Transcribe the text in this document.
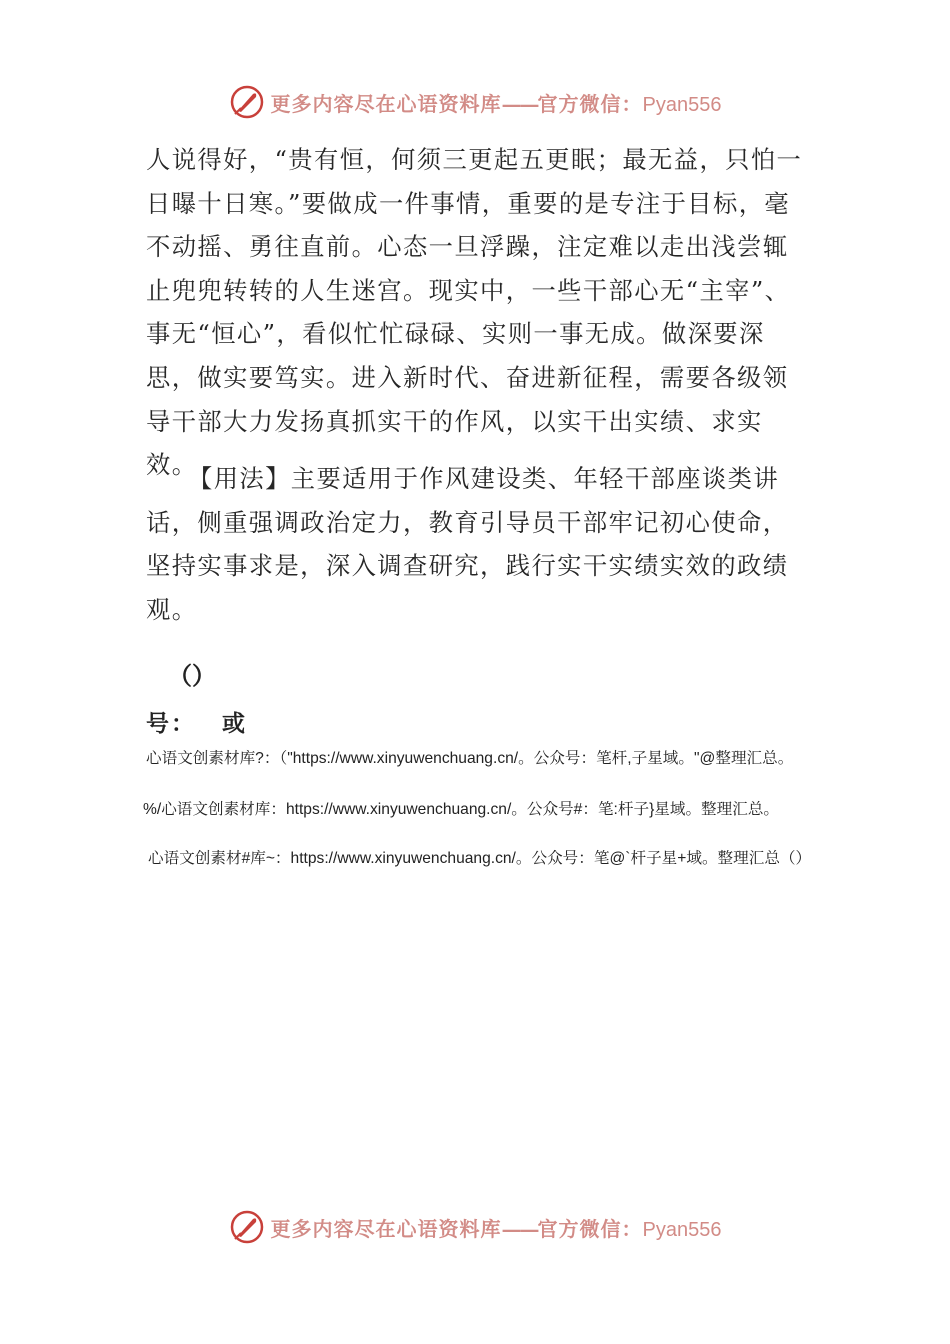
更多内容尽在心语资料库——官方微信：Pyan556

人说得好，“贵有恒，何须三更起五更眠；最无益，只怕一日曝十日寒。”要做成一件事情，重要的是专注于目标，毫不动摇、勇往直前。心态一旦浮躁，注定难以走出浅尝辄止兜兜转转的人生迷宫。现实中，一些干部心无“主宰”、事无“恒心”，看似忙忙碌碌、实则一事无成。做深要深思，做实要笃实。进入新时代、奋进新征程，需要各级领导干部大力发扬真抓实干的作风，以实干出实绩、求实效。

【用法】主要适用于作风建设类、年轻干部座谈类讲话，侧重强调政治定力，教育引导员干部牢记初心使命，坚持实事求是，深入调查研究，践行实干实绩实效的政绩观。

（）
号： 或
心语文创素材库?：（"https://www.xinyuwenchuang.cn/。公众号：笔杆,子星域。"@整理汇总。
%/心语文创素材库：https://www.xinyuwenchuang.cn/。公众号#：笔:杆子}星域。整理汇总。
心语文创素材#库~：https://www.xinyuwenchuang.cn/。公众号：笔@`杆子星+域。整理汇总（）
更多内容尽在心语资料库——官方微信：Pyan556
